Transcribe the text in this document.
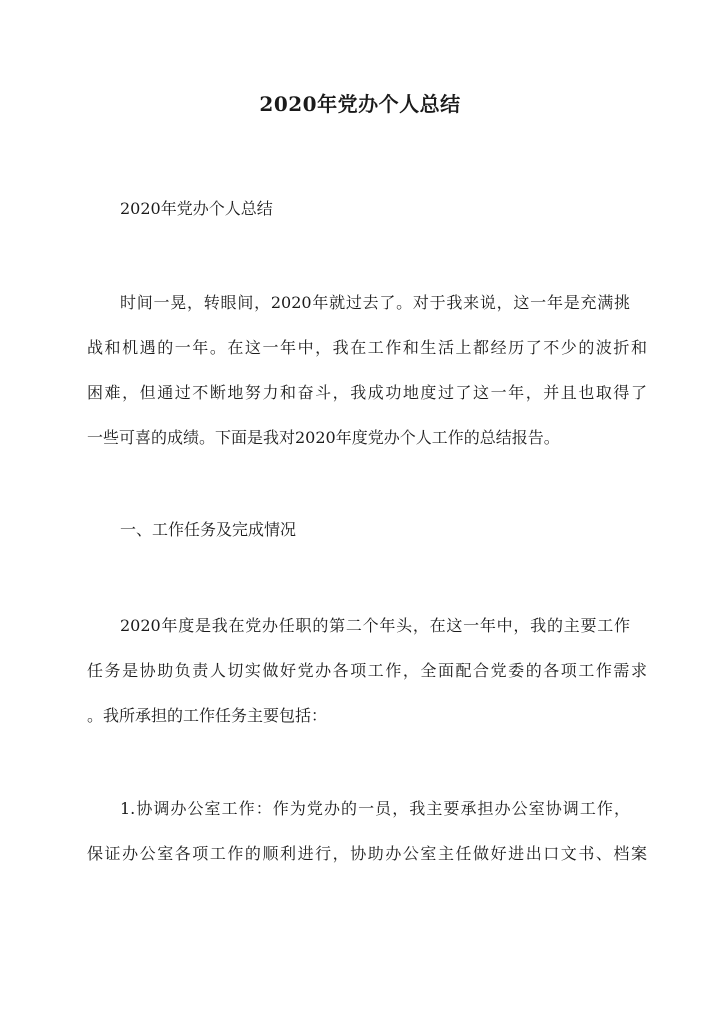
2020年党办个人总结
2020年党办个人总结
时间一晃，转眼间，2020年就过去了。对于我来说，这一年是充满挑
战和机遇的一年。在这一年中，我在工作和生活上都经历了不少的波折和
困难，但通过不断地努力和奋斗，我成功地度过了这一年，并且也取得了
一些可喜的成绩。下面是我对2020年度党办个人工作的总结报告。
一、工作任务及完成情况
2020年度是我在党办任职的第二个年头，在这一年中，我的主要工作
任务是协助负责人切实做好党办各项工作，全面配合党委的各项工作需求
。我所承担的工作任务主要包括：
1.协调办公室工作：作为党办的一员，我主要承担办公室协调工作，
保证办公室各项工作的顺利进行，协助办公室主任做好进出口文书、档案
